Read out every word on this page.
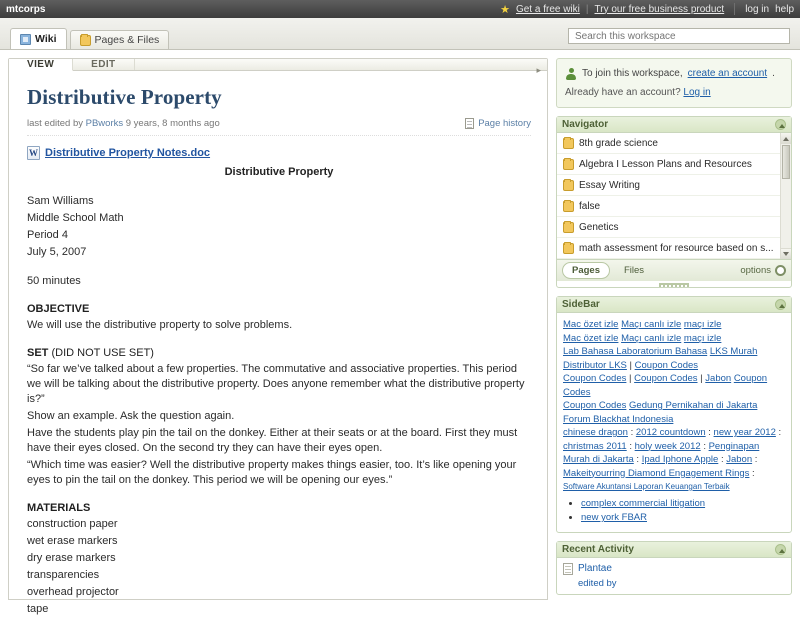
mtcorps	★ Get a free wiki | Try our free business product log in help
Wiki	Pages & Files
Search this workspace
VIEW	EDIT	▸
Distributive Property
last edited by
PBworks
9 years, 8 months ago	Page history
W
Distributive Property Notes.doc
Distributive Property

Sam Williams

Middle School Math

Period 4

July 5, 2007

50 minutes

OBJECTIVE

We will use the distributive property to solve problems.

SET (DID NOT USE SET)

“So far we’ve talked about a few properties. The commutative and associative properties. This period we will be talking about the distributive property. Does anyone remember what the distributive property is?”

Show an example. Ask the question again.

Have the students play pin the tail on the donkey. Either at their seats or at the board. First they must have their eyes closed. On the second try they can have their eyes open.

“Which time was easier? Well the distributive property makes things easier, too. It’s like opening your eyes to pin the tail on the donkey. This period we will be opening our eyes.”

MATERIALS

construction paper

wet erase markers

dry erase markers

transparencies

overhead projector

tape

To join this workspace, create an account .
Already have an account? Log in
Navigator
8th grade science
Algebra I Lesson Plans and Resources
Essay Writing
false
Genetics
math assessment for resource based on s...
Pages	Files	options
SideBar
Mac özet izle Maçı canlı izle maçı izle
Mac özet izle Maçı canlı izle maçı izle
Lab Bahasa Laboratorium Bahasa LKS Murah Distributor LKS | Coupon Codes
Coupon Codes | Coupon Codes | Jabon Coupon Codes
Coupon Codes Gedung Pernikahan di Jakarta Forum Blackhat Indonesia
chinese dragon : 2012 countdown : new year 2012 :
christmas 2011 : holy week 2012 : Penginapan Murah di Jakarta : Ipad Iphone Apple : Jabon : Makeityourring Diamond Engagement Rings : Software Akuntansi Laporan Keuangan Terbaik
• complex commercial litigation
• new york FBAR
Recent Activity
Plantae
edited by
